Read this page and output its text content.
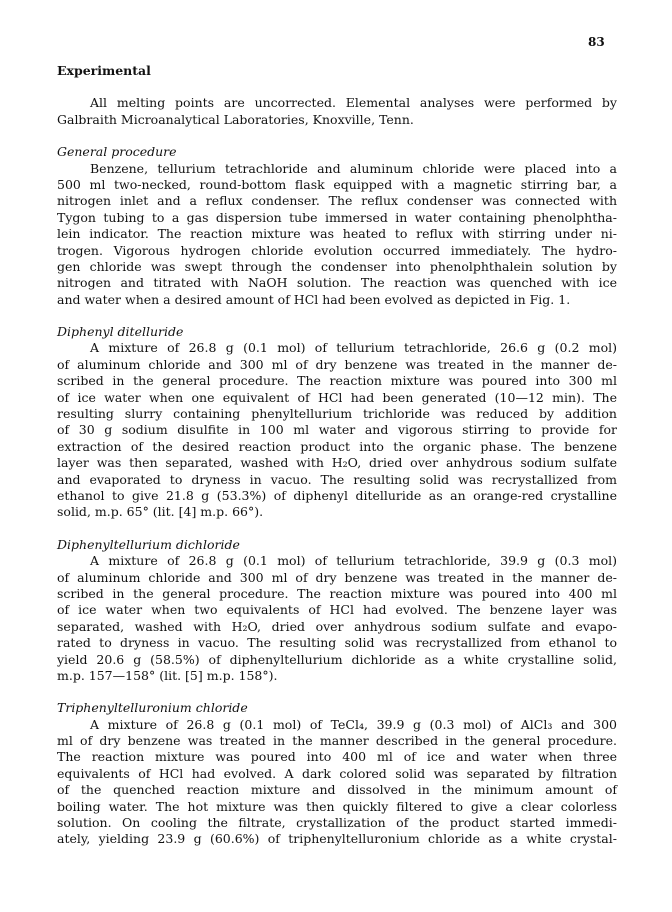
83
Experimental
All melting points are uncorrected. Elemental analyses were performed by
Galbraith Microanalytical Laboratories, Knoxville, Tenn.
General procedure
Benzene, tellurium tetrachloride and aluminum chloride were placed into a
500 ml two-necked, round-bottom flask equipped with a magnetic stirring bar, a
nitrogen inlet and a reflux condenser. The reflux condenser was connected with
Tygon tubing to a gas dispersion tube immersed in water containing phenolphtha-
lein indicator. The reaction mixture was heated to reflux with stirring under ni-
trogen. Vigorous hydrogen chloride evolution occurred immediately. The hydro-
gen chloride was swept through the condenser into phenolphthalein solution by
nitrogen and titrated with NaOH solution. The reaction was quenched with ice
and water when a desired amount of HCl had been evolved as depicted in Fig. 1.
Diphenyl ditelluride
A mixture of 26.8 g (0.1 mol) of tellurium tetrachloride, 26.6 g (0.2 mol)
of aluminum chloride and 300 ml of dry benzene was treated in the manner de-
scribed in the general procedure. The reaction mixture was poured into 300 ml
of ice water when one equivalent of HCl had been generated (10—12 min). The
resulting slurry containing phenyltellurium trichloride was reduced by addition
of 30 g sodium disulfite in 100 ml water and vigorous stirring to provide for
extraction of the desired reaction product into the organic phase. The benzene
layer was then separated, washed with H₂O, dried over anhydrous sodium sulfate
and evaporated to dryness in vacuo. The resulting solid was recrystallized from
ethanol to give 21.8 g (53.3%) of diphenyl ditelluride as an orange-red crystalline
solid, m.p. 65° (lit. [4] m.p. 66°).
Diphenyltellurium dichloride
A mixture of 26.8 g (0.1 mol) of tellurium tetrachloride, 39.9 g (0.3 mol)
of aluminum chloride and 300 ml of dry benzene was treated in the manner de-
scribed in the general procedure. The reaction mixture was poured into 400 ml
of ice water when two equivalents of HCl had evolved. The benzene layer was
separated, washed with H₂O, dried over anhydrous sodium sulfate and evapo-
rated to dryness in vacuo. The resulting solid was recrystallized from ethanol to
yield 20.6 g (58.5%) of diphenyltellurium dichloride as a white crystalline solid,
m.p. 157—158° (lit. [5] m.p. 158°).
Triphenyltelluronium chloride
A mixture of 26.8 g (0.1 mol) of TeCl₄, 39.9 g (0.3 mol) of AlCl₃ and 300
ml of dry benzene was treated in the manner described in the general procedure.
The reaction mixture was poured into 400 ml of ice and water when three
equivalents of HCl had evolved. A dark colored solid was separated by filtration
of the quenched reaction mixture and dissolved in the minimum amount of
boiling water. The hot mixture was then quickly filtered to give a clear colorless
solution. On cooling the filtrate, crystallization of the product started immedi-
ately, yielding 23.9 g (60.6%) of triphenyltelluronium chloride as a white crystal-
